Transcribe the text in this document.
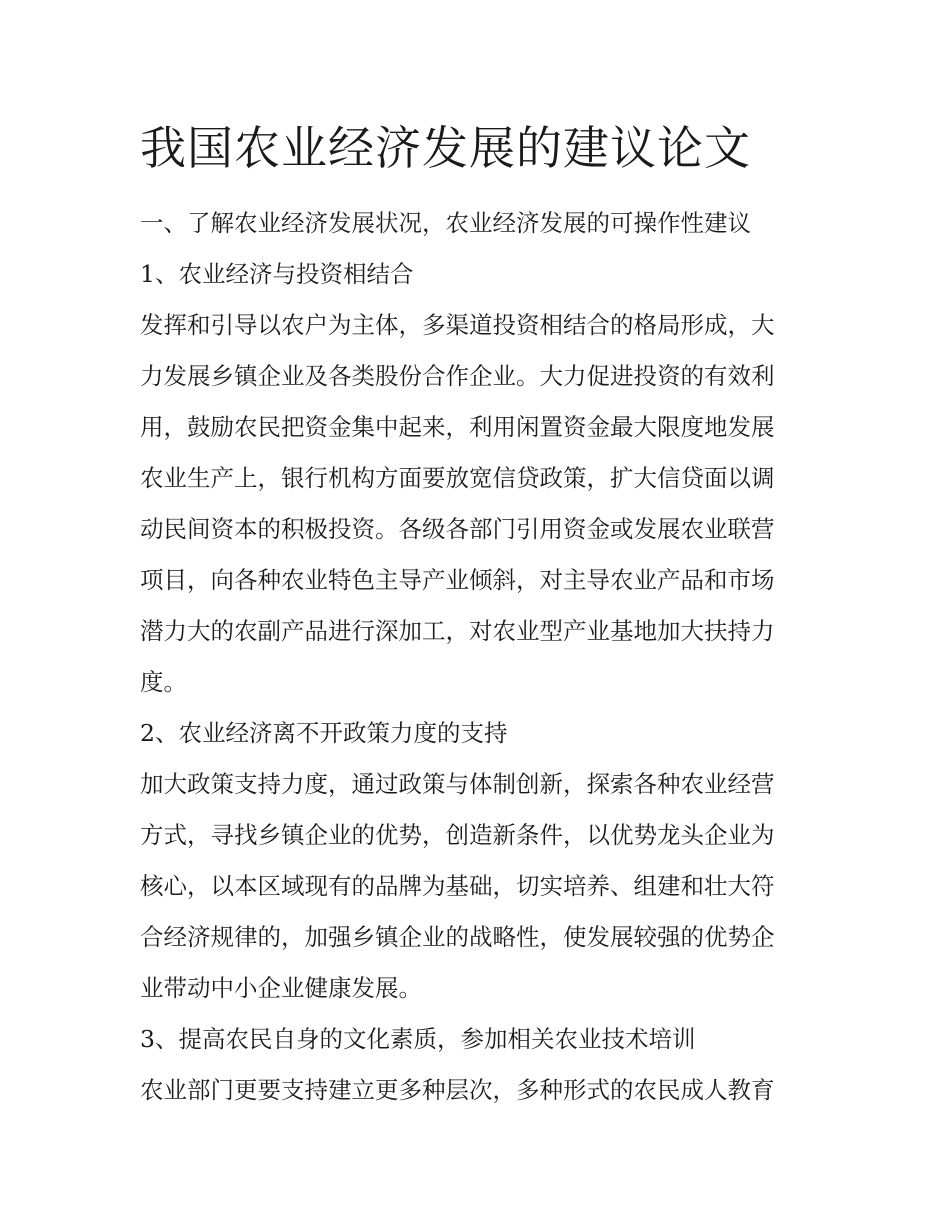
我国农业经济发展的建议论文

一、了解农业经济发展状况，农业经济发展的可操作性建议

1、农业经济与投资相结合

发挥和引导以农户为主体，多渠道投资相结合的格局形成，大

力发展乡镇企业及各类股份合作企业。大力促进投资的有效利

用，鼓励农民把资金集中起来，利用闲置资金最大限度地发展

农业生产上，银行机构方面要放宽信贷政策，扩大信贷面以调

动民间资本的积极投资。各级各部门引用资金或发展农业联营

项目，向各种农业特色主导产业倾斜，对主导农业产品和市场

潜力大的农副产品进行深加工，对农业型产业基地加大扶持力

度。

2、农业经济离不开政策力度的支持

加大政策支持力度，通过政策与体制创新，探索各种农业经营

方式，寻找乡镇企业的优势，创造新条件，以优势龙头企业为

核心，以本区域现有的品牌为基础，切实培养、组建和壮大符

合经济规律的，加强乡镇企业的战略性，使发展较强的优势企

业带动中小企业健康发展。

3、提高农民自身的文化素质，参加相关农业技术培训

农业部门更要支持建立更多种层次，多种形式的农民成人教育
